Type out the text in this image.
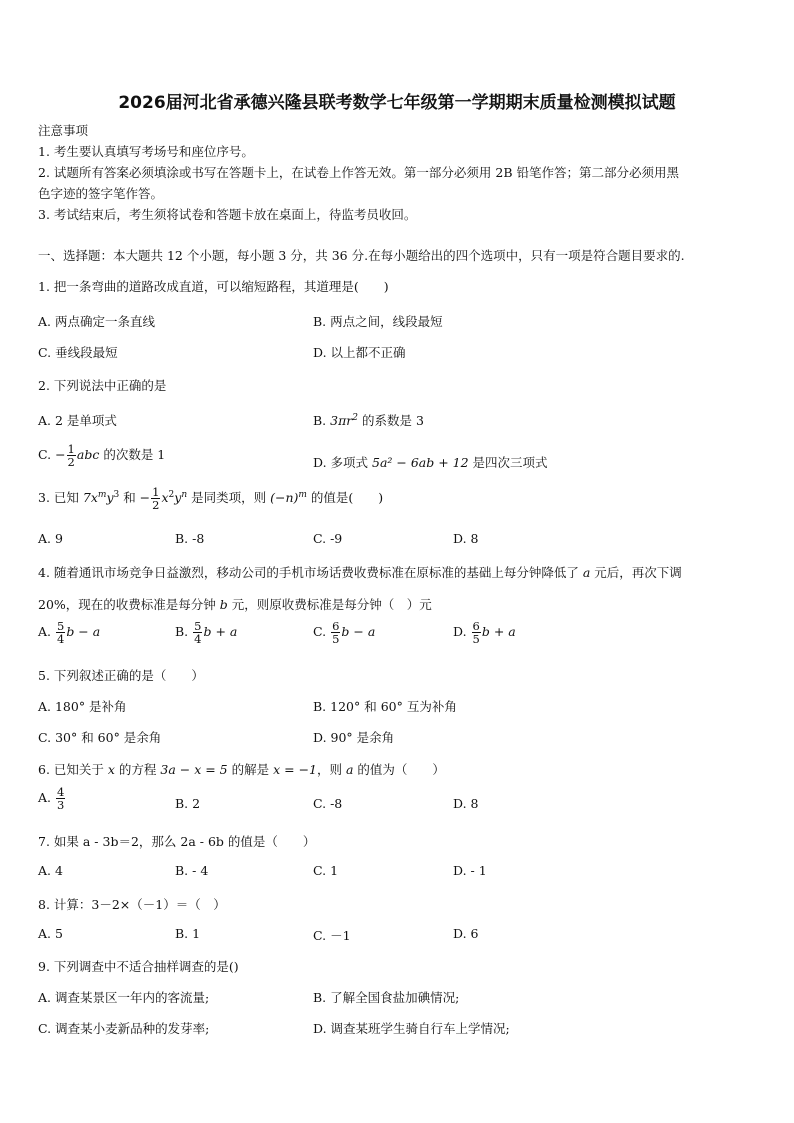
2026届河北省承德兴隆县联考数学七年级第一学期期末质量检测模拟试题
注意事项
1. 考生要认真填写考场号和座位序号。
2. 试题所有答案必须填涂或书写在答题卡上，在试卷上作答无效。第一部分必须用 2B 铅笔作答；第二部分必须用黑
色字迹的签字笔作答。
3. 考试结束后，考生须将试卷和答题卡放在桌面上，待监考员收回。
一、选择题：本大题共 12 个小题，每小题 3 分，共 36 分.在每小题给出的四个选项中，只有一项是符合题目要求的.
1. 把一条弯曲的道路改成直道，可以缩短路程，其道理是(　　)
A. 两点确定一条直线	B. 两点之间，线段最短
C. 垂线段最短	D. 以上都不正确
2. 下列说法中正确的是
A. 2 是单项式	B. $3\pi r^2$ 的系数是 3
C. − $\frac{1}{2}$ abc 的次数是 1
D. 多项式 5a² − 6ab + 12 是四次三项式
3. 已知 $7x^my^3$ 和 − $\frac{1}{2} x^2y^n$ 是同类项，则 $(-n)^m$ 的值是(　　)
A. 9	B. -8	C. -9	D. 8
4. 随着通讯市场竞争日益激烈，移动公司的手机市场话费收费标准在原标准的基础上每分钟降低了 a 元后，再次下调
20%，现在的收费标准是每分钟 b 元，则原收费标准是每分钟（　）元
A. $\frac{5}{4}$ b − a	B. $\frac{5}{4}$ b + a	C. $\frac{6}{5}$ b − a	D. $\frac{6}{5}$ b + a
5. 下列叙述正确的是（　　）
A. 180° 是补角	B. 120° 和 60° 互为补角
C. 30° 和 60° 是余角	D. 90° 是余角
6. 已知关于 x 的方程 3a − x = 5 的解是 x = −1，则 a 的值为（　　）
A. $\frac{4}{3}$	B. 2	C. -8	D. 8
7. 如果 a - 3b＝2，那么 2a - 6b 的值是（　　）
A. 4	B. - 4	C. 1	D. - 1
8. 计算：3－2×（－1）＝（　）
A. 5	B. 1	C. －1	D. 6
9. 下列调查中不适合抽样调查的是()
A. 调查某景区一年内的客流量;	B. 了解全国食盐加碘情况;
C. 调查某小麦新品种的发芽率;	D. 调查某班学生骑自行车上学情况;
